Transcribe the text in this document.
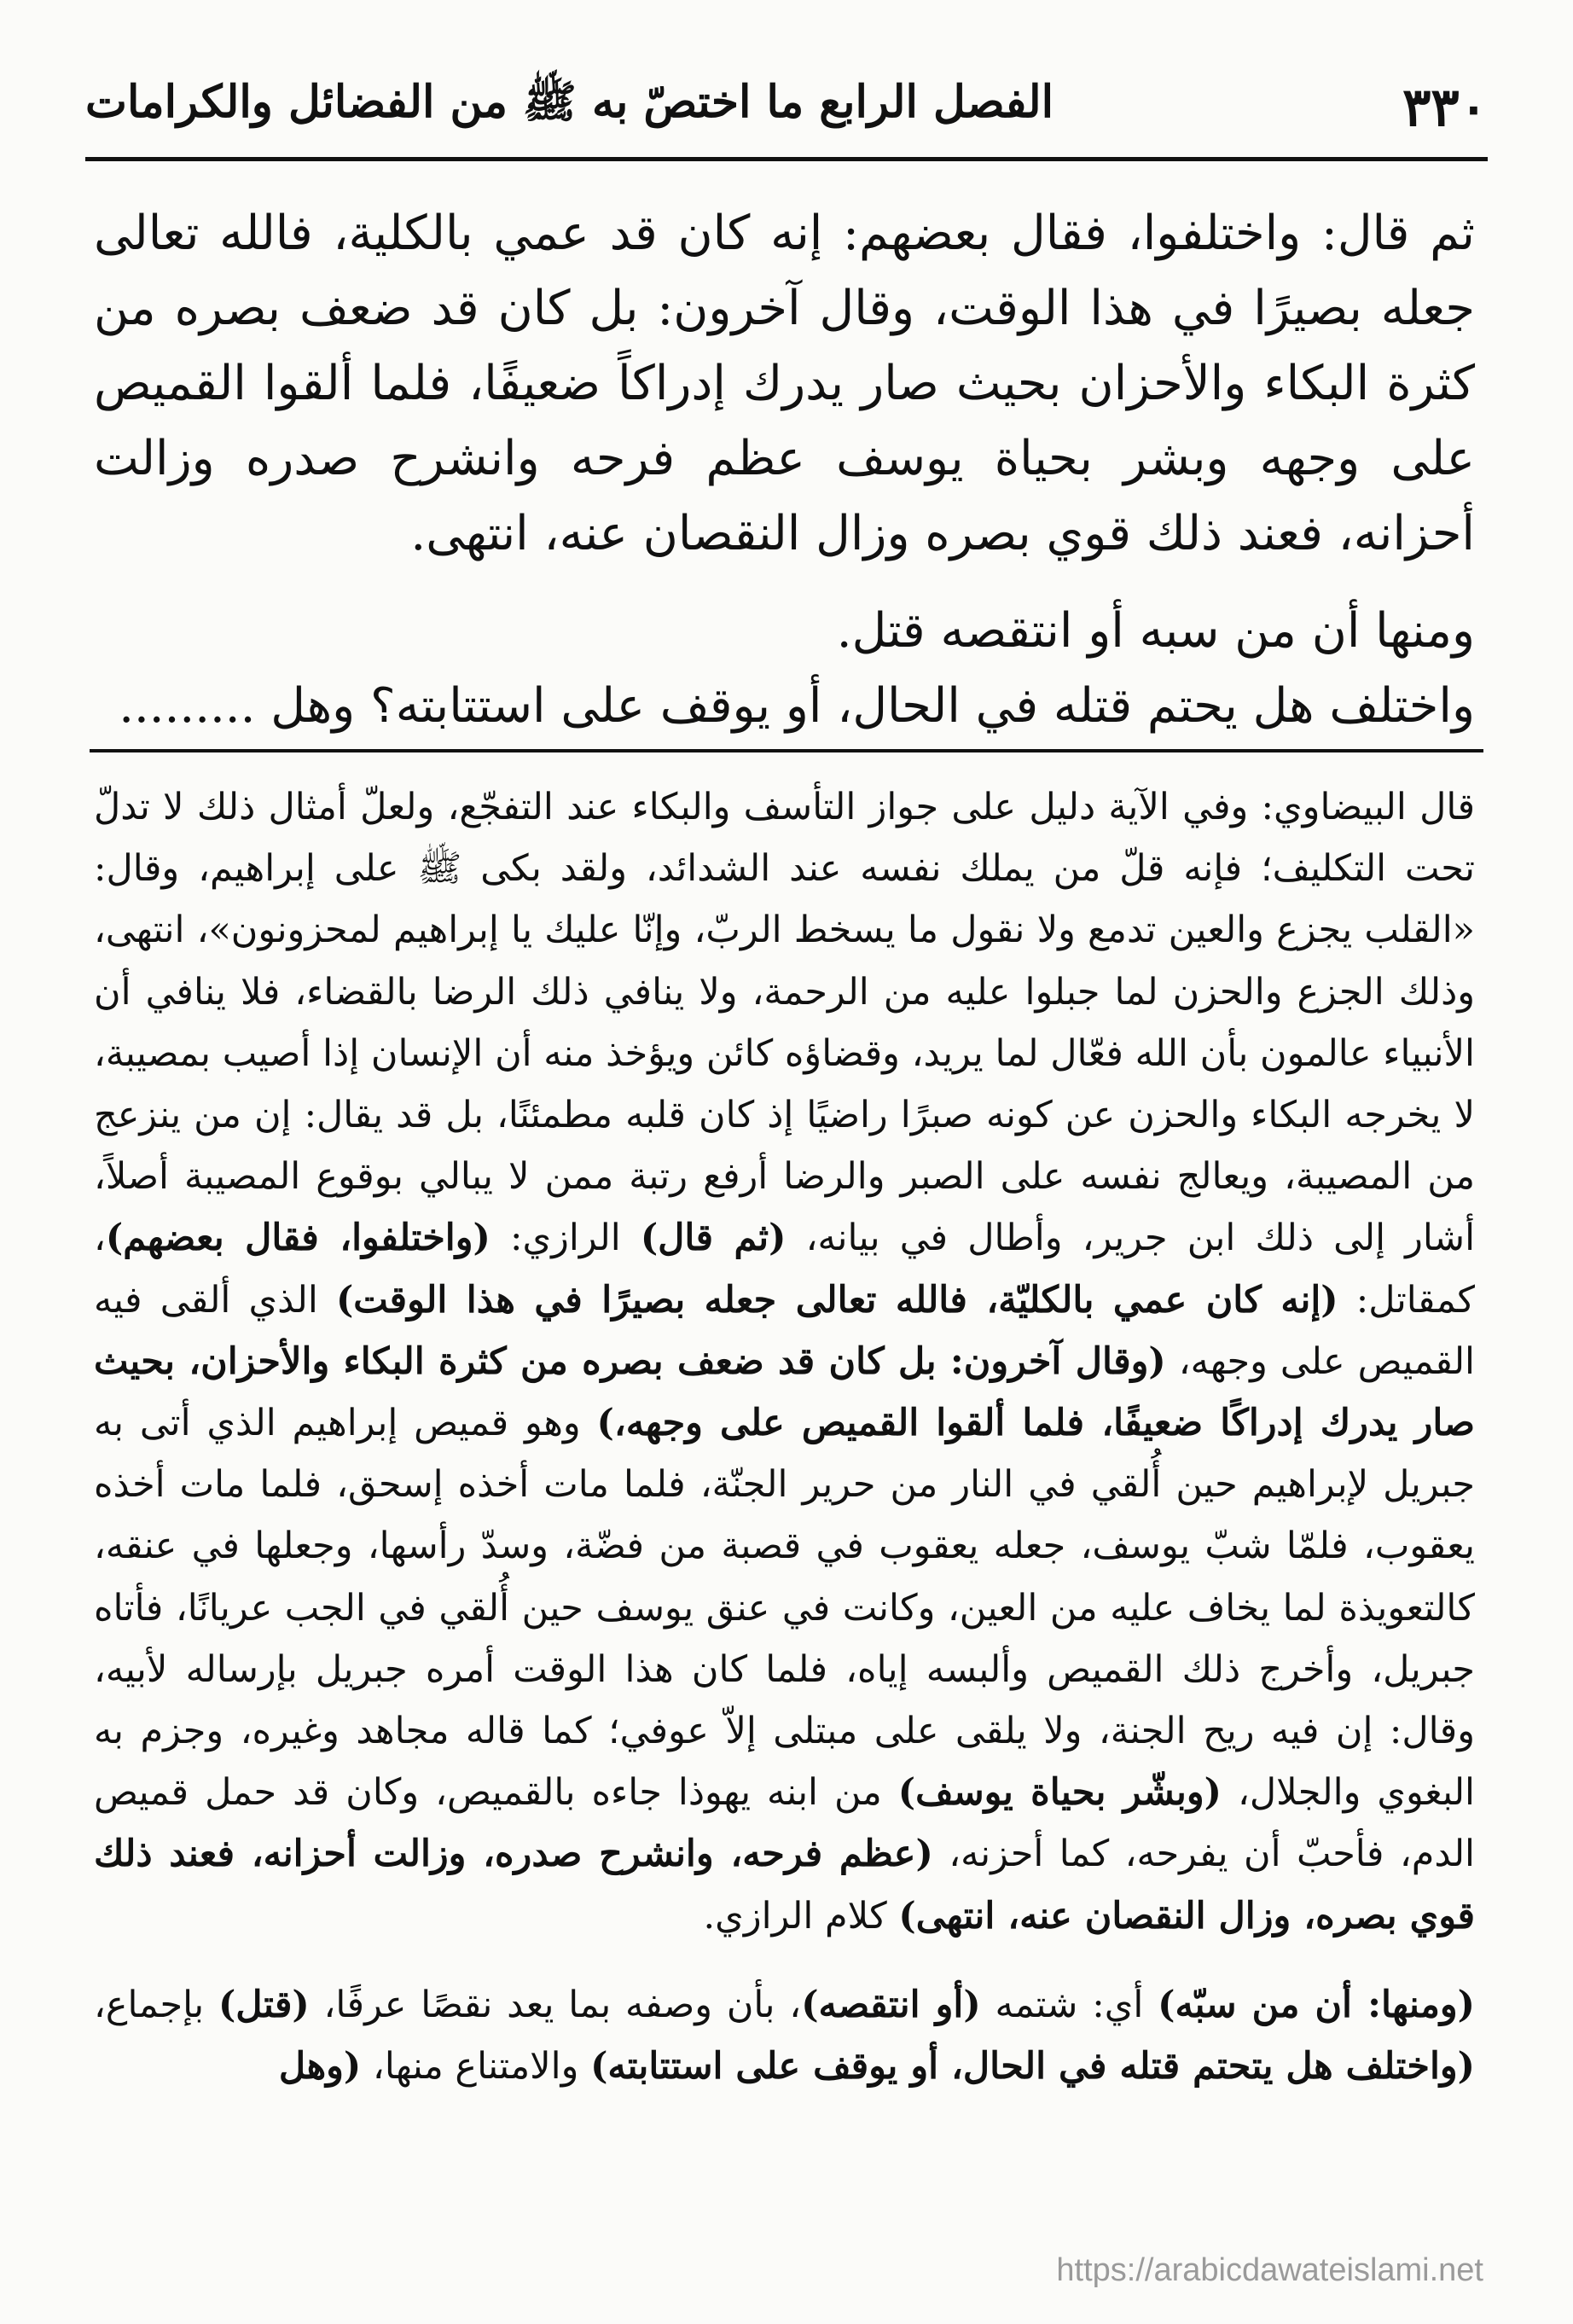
٣٣٠
الفصل الرابع ما اختصّ به ﷺ من الفضائل والكرامات

ثم قال: واختلفوا، فقال بعضهم: إنه كان قد عمي بالكلية، فالله تعالى جعله بصيرًا في هذا الوقت، وقال آخرون: بل كان قد ضعف بصره من كثرة البكاء والأحزان بحيث صار يدرك إدراكاً ضعيفًا، فلما ألقوا القميص على وجهه وبشر بحياة يوسف عظم فرحه وانشرح صدره وزالت أحزانه، فعند ذلك قوي بصره وزال النقصان عنه، انتهى.

ومنها أن من سبه أو انتقصه قتل.

واختلف هل يحتم قتله في الحال، أو يوقف على استتابته؟ وهل .........

قال البيضاوي: وفي الآية دليل على جواز التأسف والبكاء عند التفجّع، ولعلّ أمثال ذلك لا تدلّ تحت التكليف؛ فإنه قلّ من يملك نفسه عند الشدائد، ولقد بكى ﷺ على إبراهيم، وقال: «القلب يجزع والعين تدمع ولا نقول ما يسخط الربّ، وإنّا عليك يا إبراهيم لمحزونون»، انتهى، وذلك الجزع والحزن لما جبلوا عليه من الرحمة، ولا ينافي ذلك الرضا بالقضاء، فلا ينافي أن الأنبياء عالمون بأن الله فعّال لما يريد، وقضاؤه كائن ويؤخذ منه أن الإنسان إذا أصيب بمصيبة، لا يخرجه البكاء والحزن عن كونه صبرًا راضيًا إذ كان قلبه مطمئنًا، بل قد يقال: إن من ينزعج من المصيبة، ويعالج نفسه على الصبر والرضا أرفع رتبة ممن لا يبالي بوقوع المصيبة أصلاً، أشار إلى ذلك ابن جرير، وأطال في بيانه، (ثم قال) الرازي: (واختلفوا، فقال بعضهم)، كمقاتل: (إنه كان عمي بالكليّة، فالله تعالى جعله بصيرًا في هذا الوقت) الذي ألقى فيه القميص على وجهه، (وقال آخرون: بل كان قد ضعف بصره من كثرة البكاء والأحزان، بحيث صار يدرك إدراكًا ضعيفًا، فلما ألقوا القميص على وجهه،) وهو قميص إبراهيم الذي أتى به جبريل لإبراهيم حين أُلقي في النار من حرير الجنّة، فلما مات أخذه إسحق، فلما مات أخذه يعقوب، فلمّا شبّ يوسف، جعله يعقوب في قصبة من فضّة، وسدّ رأسها، وجعلها في عنقه، كالتعويذة لما يخاف عليه من العين، وكانت في عنق يوسف حين أُلقي في الجب عريانًا، فأتاه جبريل، وأخرج ذلك القميص وألبسه إياه، فلما كان هذا الوقت أمره جبريل بإرساله لأبيه، وقال: إن فيه ريح الجنة، ولا يلقى على مبتلى إلاّ عوفي؛ كما قاله مجاهد وغيره، وجزم به البغوي والجلال، (وبشّر بحياة يوسف) من ابنه يهوذا جاءه بالقميص، وكان قد حمل قميص الدم، فأحبّ أن يفرحه، كما أحزنه، (عظم فرحه، وانشرح صدره، وزالت أحزانه، فعند ذلك قوي بصره، وزال النقصان عنه، انتهى) كلام الرازي.

(ومنها: أن من سبّه) أي: شتمه (أو انتقصه)، بأن وصفه بما يعد نقصًا عرفًا، (قتل) بإجماع، (واختلف هل يتحتم قتله في الحال، أو يوقف على استتابته) والامتناع منها، (وهل

https://arabicdawateislami.net
